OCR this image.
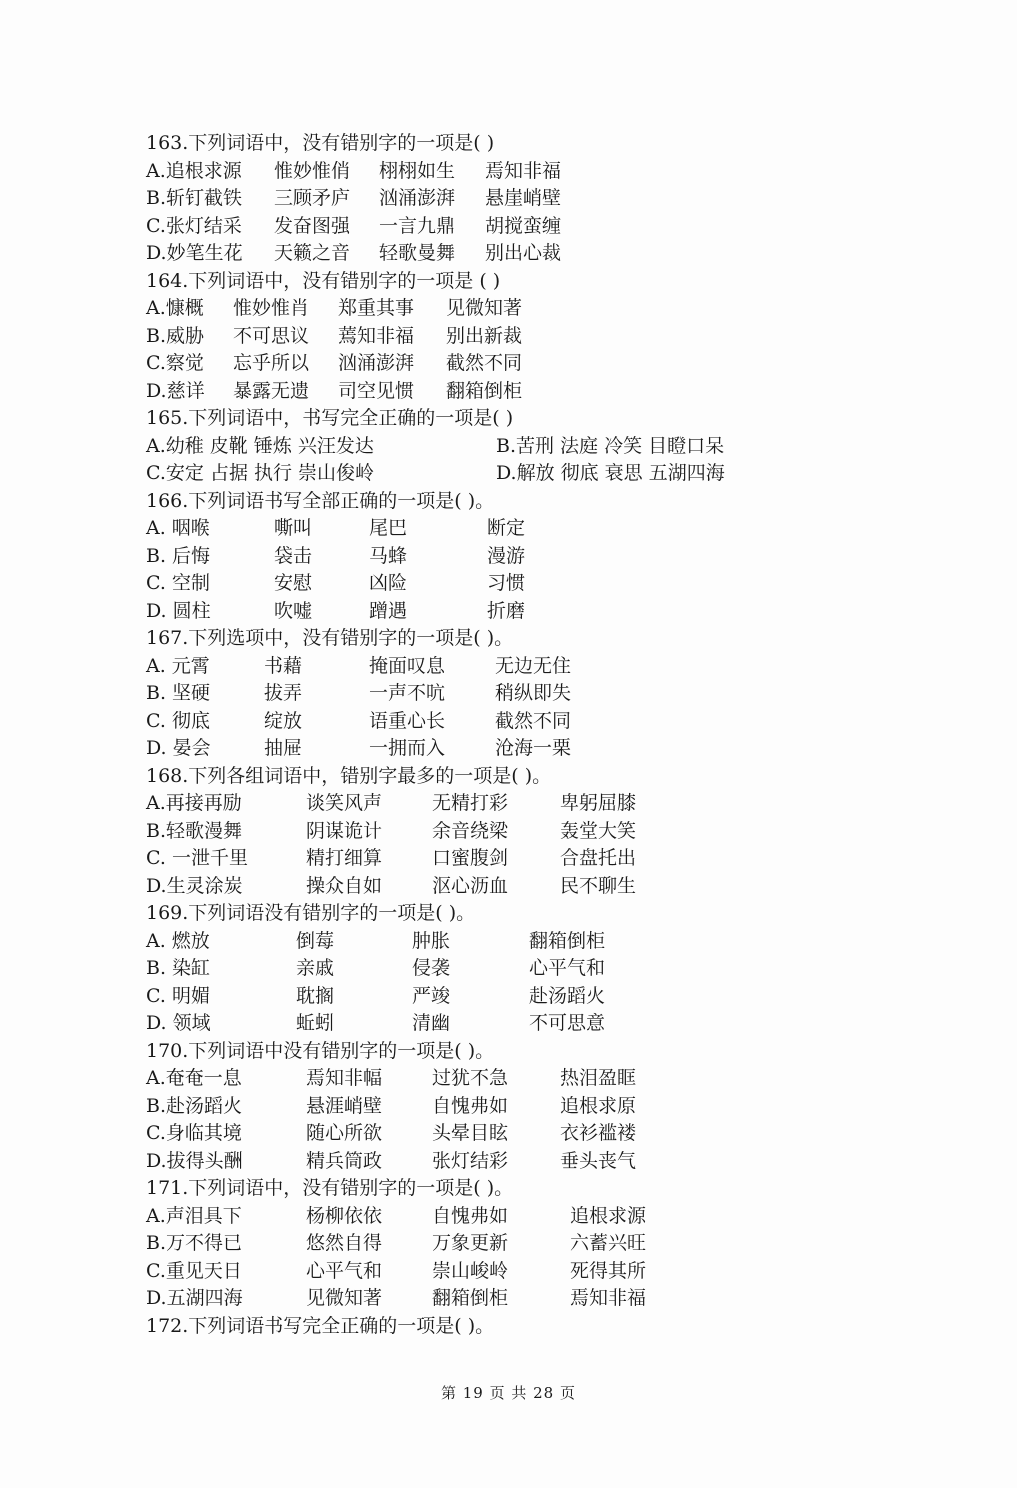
163.下列词语中，没有错别字的一项是( )
A.追根求源	惟妙惟俏	栩栩如生	焉知非福
B.斩钉截铁	三顾矛庐	汹涌澎湃	悬崖峭壁
C.张灯结采	发奋图强	一言九鼎	胡搅蛮缠
D.妙笔生花	天籁之音	轻歌曼舞	别出心裁
164.下列词语中，没有错别字的一项是 ( )
A.慷概	惟妙惟肖	郑重其事	见微知著
B.威胁	不可思议	蔫知非福	别出新裁
C.察觉	忘乎所以	汹涌澎湃	截然不同
D.慈详	暴露无遗	司空见惯	翻箱倒柜
165.下列词语中，书写完全正确的一项是( )
A.幼稚 皮靴 锤炼 兴汪发达	B.苦刑 法庭 冷笑 目瞪口呆
C.安定 占据 执行 崇山俊岭	D.解放 彻底 衰思 五湖四海
166.下列词语书写全部正确的一项是( )。
A. 咽喉	嘶叫	尾巴	断定
B. 后悔	袋击	马蜂	漫游
C. 空制	安慰	凶险	习惯
D. 圆柱	吹嘘	蹭遇	折磨
167.下列选项中，没有错别字的一项是( )。
A. 元霄	书藉	掩面叹息	无边无住
B. 坚硬	拔弄	一声不吭	稍纵即失
C. 彻底	绽放	语重心长	截然不同
D. 晏会	抽屉	一拥而入	沧海一栗
168.下列各组词语中，错别字最多的一项是( )。
A.再接再励	谈笑风声	无精打彩	卑躬屈膝
B.轻歌漫舞	阴谋诡计	余音绕梁	轰堂大笑
C. 一泄千里	精打细算	口蜜腹剑	合盘托出
D.生灵涂炭	操众自如	沤心沥血	民不聊生
169.下列词语没有错别字的一项是( )。
A. 燃放	倒莓	肿胀	翻箱倒柜
B. 染缸	亲戚	侵袭	心平气和
C. 明媚	耽搁	严竣	赴汤蹈火
D. 领域	蚯蚓	清幽	不可思意
170.下列词语中没有错别字的一项是( )。
A.奄奄一息	焉知非幅	过犹不急	热泪盈眶
B.赴汤蹈火	悬涯峭壁	自愧弗如	追根求原
C.身临其境	随心所欲	头晕目眩	衣衫褴褛
D.拔得头酬	精兵筒政	张灯结彩	垂头丧气
171.下列词语中，没有错别字的一项是( )。
A.声泪具下	杨柳依依	自愧弗如	追根求源
B.万不得已	悠然自得	万象更新	六蓄兴旺
C.重见天日	心平气和	崇山峻岭	死得其所
D.五湖四海	见微知著	翻箱倒柜	焉知非福
172.下列词语书写完全正确的一项是( )。
第 19 页 共 28 页
